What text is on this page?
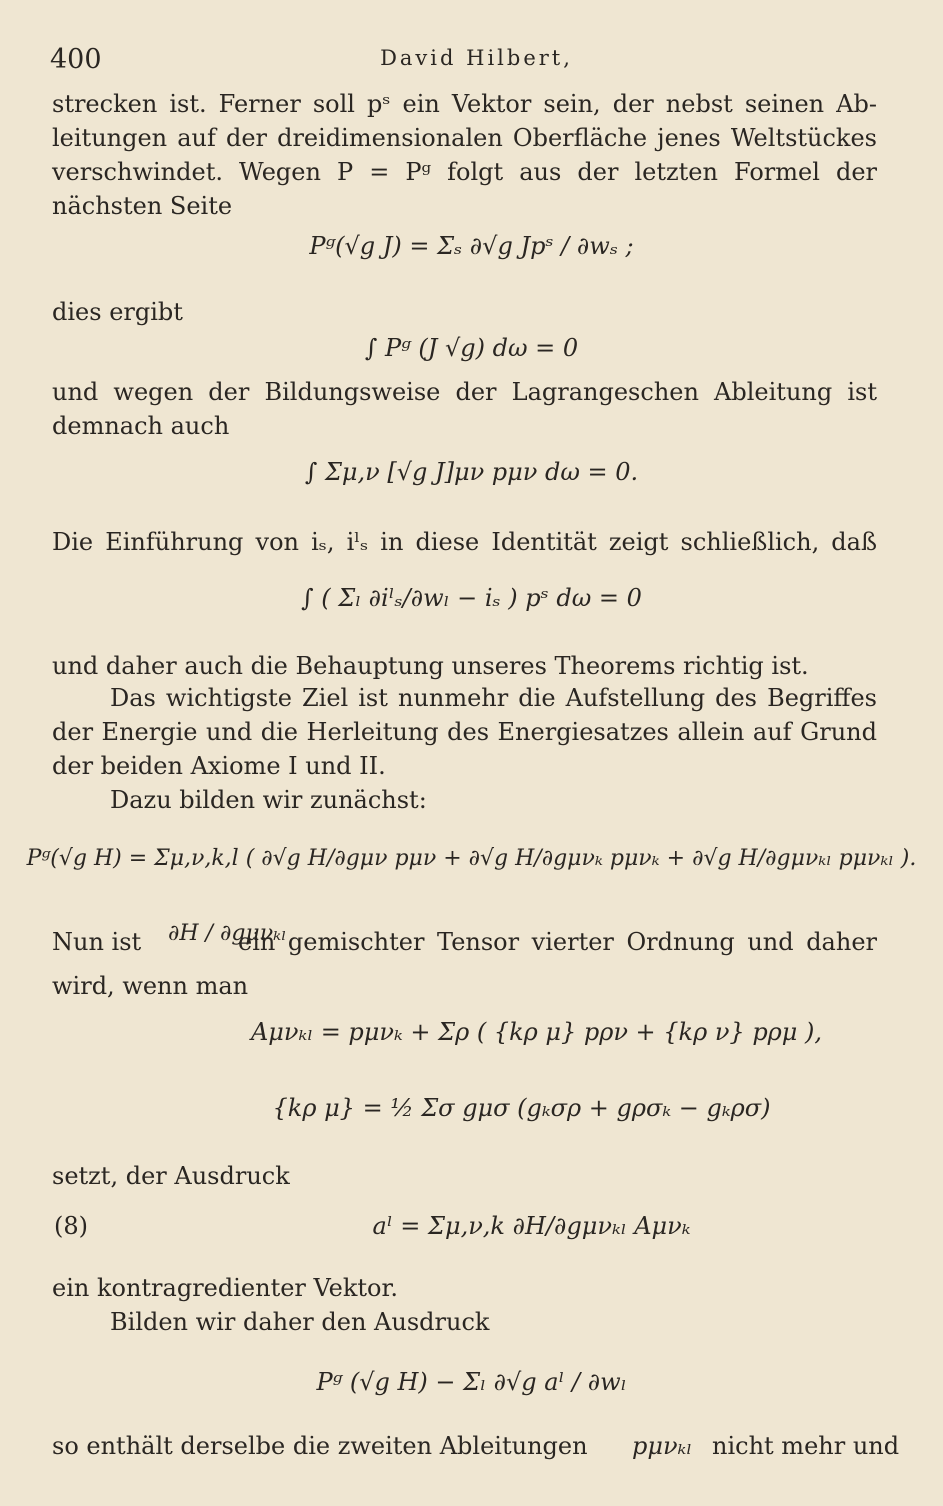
400	David Hilbert,
strecken ist. Ferner soll pˢ ein Vektor sein, der nebst seinen Ab-
leitungen auf der dreidimensionalen Oberfläche jenes Weltstückes
verschwindet. Wegen P = Pᵍ folgt aus der letzten Formel der
nächsten Seite
Pᵍ(√g J) = Σₛ ∂√g Jpˢ / ∂wₛ ;
dies ergibt
∫ Pᵍ (J √g) dω = 0
und wegen der Bildungsweise der Lagrangeschen Ableitung ist
demnach auch
∫ Σμ,ν [√g J]μν pμν dω = 0.
Die Einführung von iₛ, iˡₛ in diese Identität zeigt schließlich, daß
∫ ( Σₗ ∂iˡₛ/∂wₗ − iₛ ) pˢ dω = 0
und daher auch die Behauptung unseres Theorems richtig ist.
Das wichtigste Ziel ist nunmehr die Aufstellung des Begriffes
der Energie und die Herleitung des Energiesatzes allein auf Grund
der beiden Axiome I und II.
Dazu bilden wir zunächst:
Pᵍ(√g H) = Σμ,ν,k,l ( ∂√g H/∂gμν pμν + ∂√g H/∂gμνₖ pμνₖ + ∂√g H/∂gμνₖₗ pμνₖₗ ).
Nun ist ∂H / ∂gμνₖₗ
ein gemischter Tensor vierter Ordnung und daher
wird, wenn man
Aμνₖₗ = pμνₖ + Σρ ( {kρ μ} pρν + {kρ ν} pρμ ),
{kρ μ} = ½ Σσ gμσ (gₖσρ + gρσₖ − gₖρσ)
setzt, der Ausdruck
(8)	aˡ = Σμ,ν,k ∂H/∂gμνₖₗ Aμνₖ
ein kontragredienter Vektor.
Bilden wir daher den Ausdruck
Pᵍ (√g H) − Σₗ ∂√g aˡ / ∂wₗ
so enthält derselbe die zweiten Ableitungen pμνₖₗ nicht mehr und
